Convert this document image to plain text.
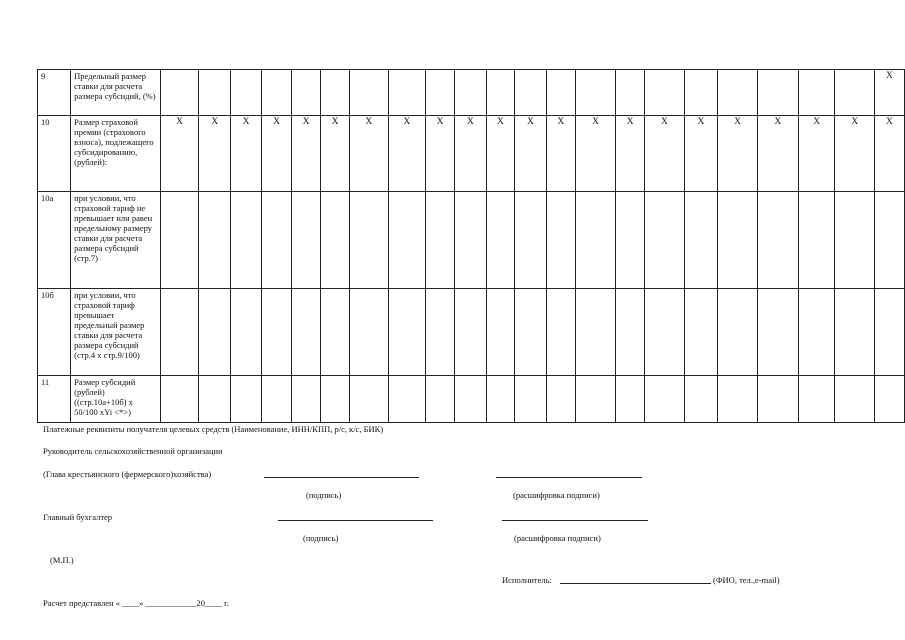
9	Предельный размер ставки для расчета размера субсидий, (%)																						X
10	Размер страховой премии (страхового взноса), подлежащего субсидированию, (рублей):	X	X	X	X	X	X	X	X	X	X	X	X	X	X	X	X	X	X	X	X	X	X
10а	при условии, что страховой тариф не превышает или равен предельному размеру ставки для расчета размера субсидий (стр.7)																						
10б	при условии, что страховой тариф превышает предельный размер ставки для расчета размера субсидий (стр.4 х стр.9/100)																						
11	Размер субсидий (рублей) ((стр.10а+10б) х 50/100 хYi <*>)																						
Платежные реквизиты получателя целевых средств (Наименование, ИНН/КПП, р/с, к/с, БИК)
Руководитель сельскохозяйственной организации
(Глава крестьянского (фермерского)хозяйства)
(подпись)	(расшифровка подписи)
Главный бухгалтер
(подпись)	(расшифровка подписи)
(М.П.)
Исполнитель:	(ФИО, тел.,e-mail)
Расчет представлен « ____» ____________20____ г.
